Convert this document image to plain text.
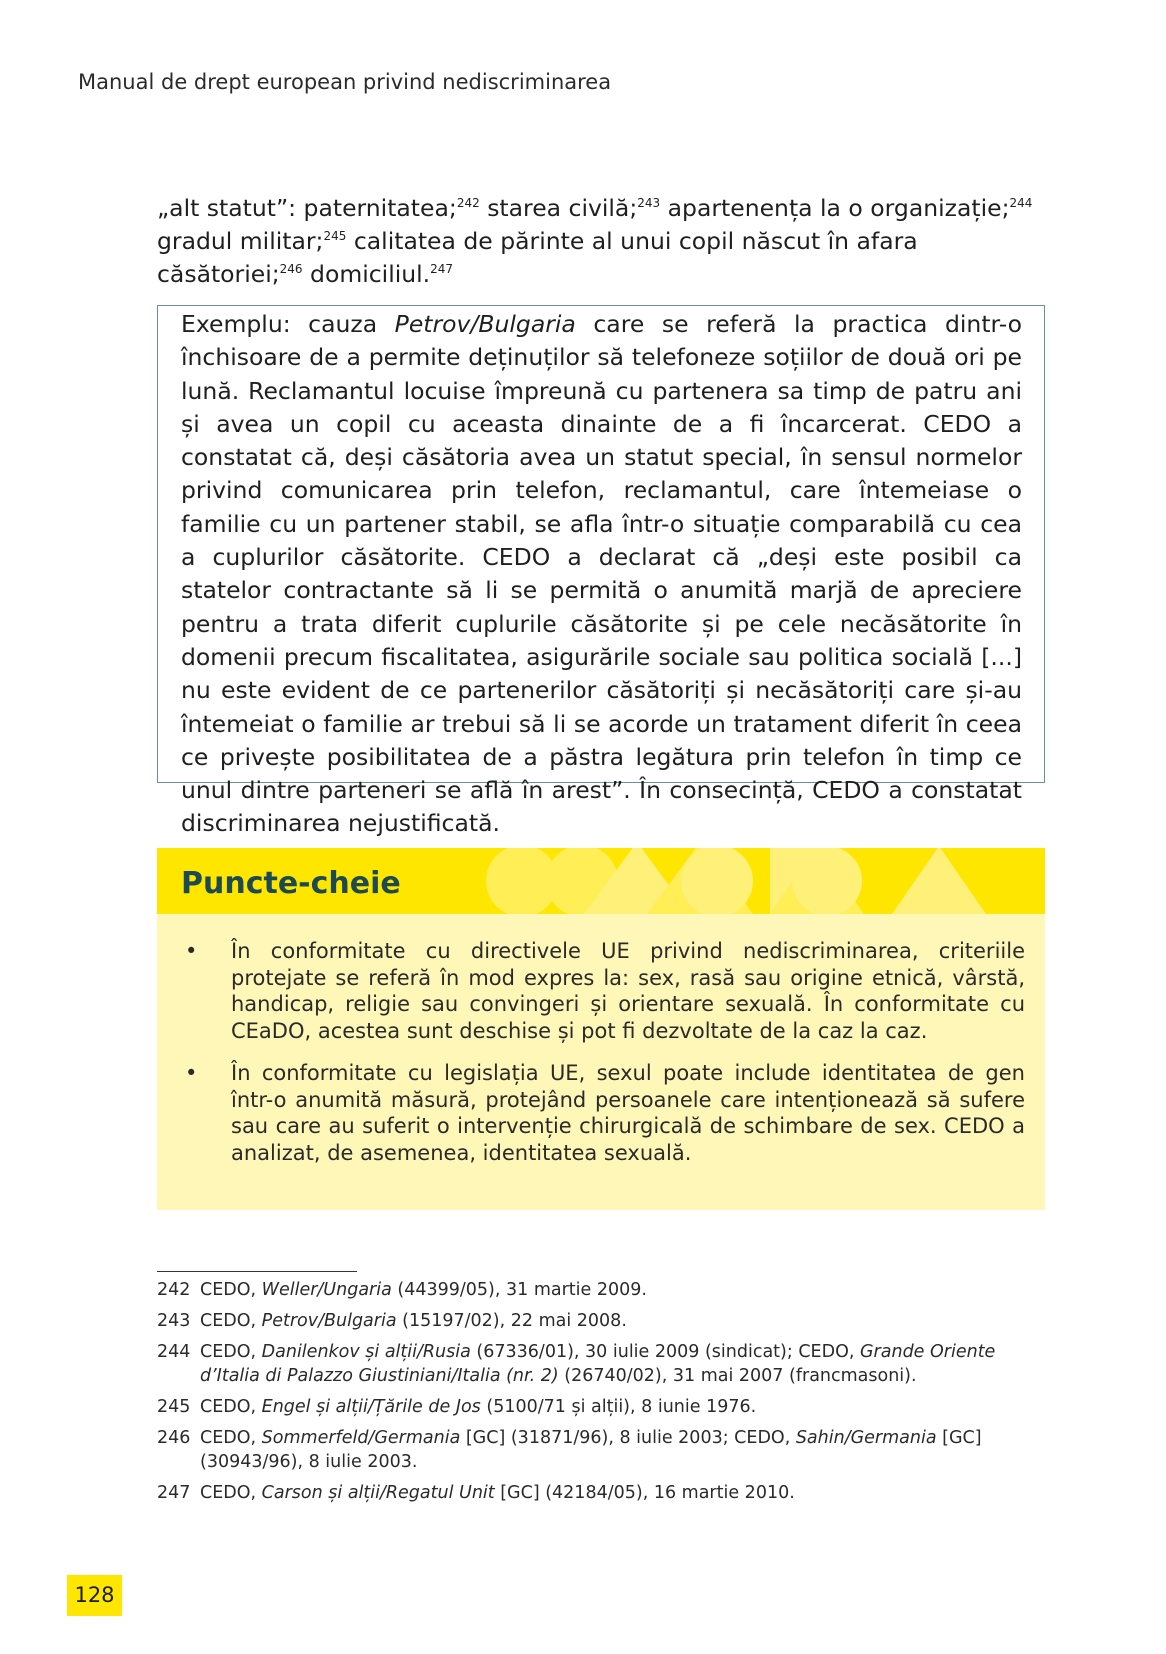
Manual de drept european privind nediscriminarea
„alt statut”: paternitatea;$^{242}$ starea civilă;$^{243}$ apartenența la o organizație;$^{244}$ gradul militar;$^{245}$ calitatea de părinte al unui copil născut în afara căsătoriei;$^{246}$ domiciliul.$^{247}$
Exemplu: cauza Petrov/Bulgaria care se referă la practica dintr-o închisoare de a permite deținuților să telefoneze soțiilor de două ori pe lună. Reclamantul locuise împreună cu partenera sa timp de patru ani și avea un copil cu aceasta dinainte de a fi încarcerat. CEDO a constatat că, deși căsătoria avea un statut special, în sensul normelor privind comunicarea prin telefon, reclamantul, care întemeiase o familie cu un partener stabil, se afla într-o situație comparabilă cu cea a cuplurilor căsătorite. CEDO a declarat că „deși este posibil ca statelor contractante să li se permită o anumită marjă de apreciere pentru a trata diferit cuplurile căsătorite și pe cele necăsătorite în domenii precum fiscalitatea, asigurările sociale sau politica socială [...] nu este evident de ce partenerilor căsătoriți și necăsătoriți care și-au întemeiat o familie ar trebui să li se acorde un tratament diferit în ceea ce privește posibilitatea de a păstra legătura prin telefon în timp ce unul dintre parteneri se află în arest”. În consecință, CEDO a constatat discriminarea nejustificată.
Puncte-cheie
• În conformitate cu directivele UE privind nediscriminarea, criteriile protejate se referă în mod expres la: sex, rasă sau origine etnică, vârstă, handicap, religie sau convingeri și orientare sexuală. În conformitate cu CEaDO, acestea sunt deschise și pot fi dezvoltate de la caz la caz.
• În conformitate cu legislația UE, sexul poate include identitatea de gen într-o anumită măsură, protejând persoanele care intenționează să sufere sau care au suferit o intervenție chirurgicală de schimbare de sex. CEDO a analizat, de asemenea, identitatea sexuală.
242 CEDO, Weller/Ungaria (44399/05), 31 martie 2009.
243 CEDO, Petrov/Bulgaria (15197/02), 22 mai 2008.
244 CEDO, Danilenkov și alții/Rusia (67336/01), 30 iulie 2009 (sindicat); CEDO, Grande Oriente d’Italia di Palazzo Giustiniani/Italia (nr. 2) (26740/02), 31 mai 2007 (francmasoni).
245 CEDO, Engel și alții/Țările de Jos (5100/71 și alții), 8 iunie 1976.
246 CEDO, Sommerfeld/Germania [GC] (31871/96), 8 iulie 2003; CEDO, Sahin/Germania [GC] (30943/96), 8 iulie 2003.
247 CEDO, Carson și alții/Regatul Unit [GC] (42184/05), 16 martie 2010.
128
